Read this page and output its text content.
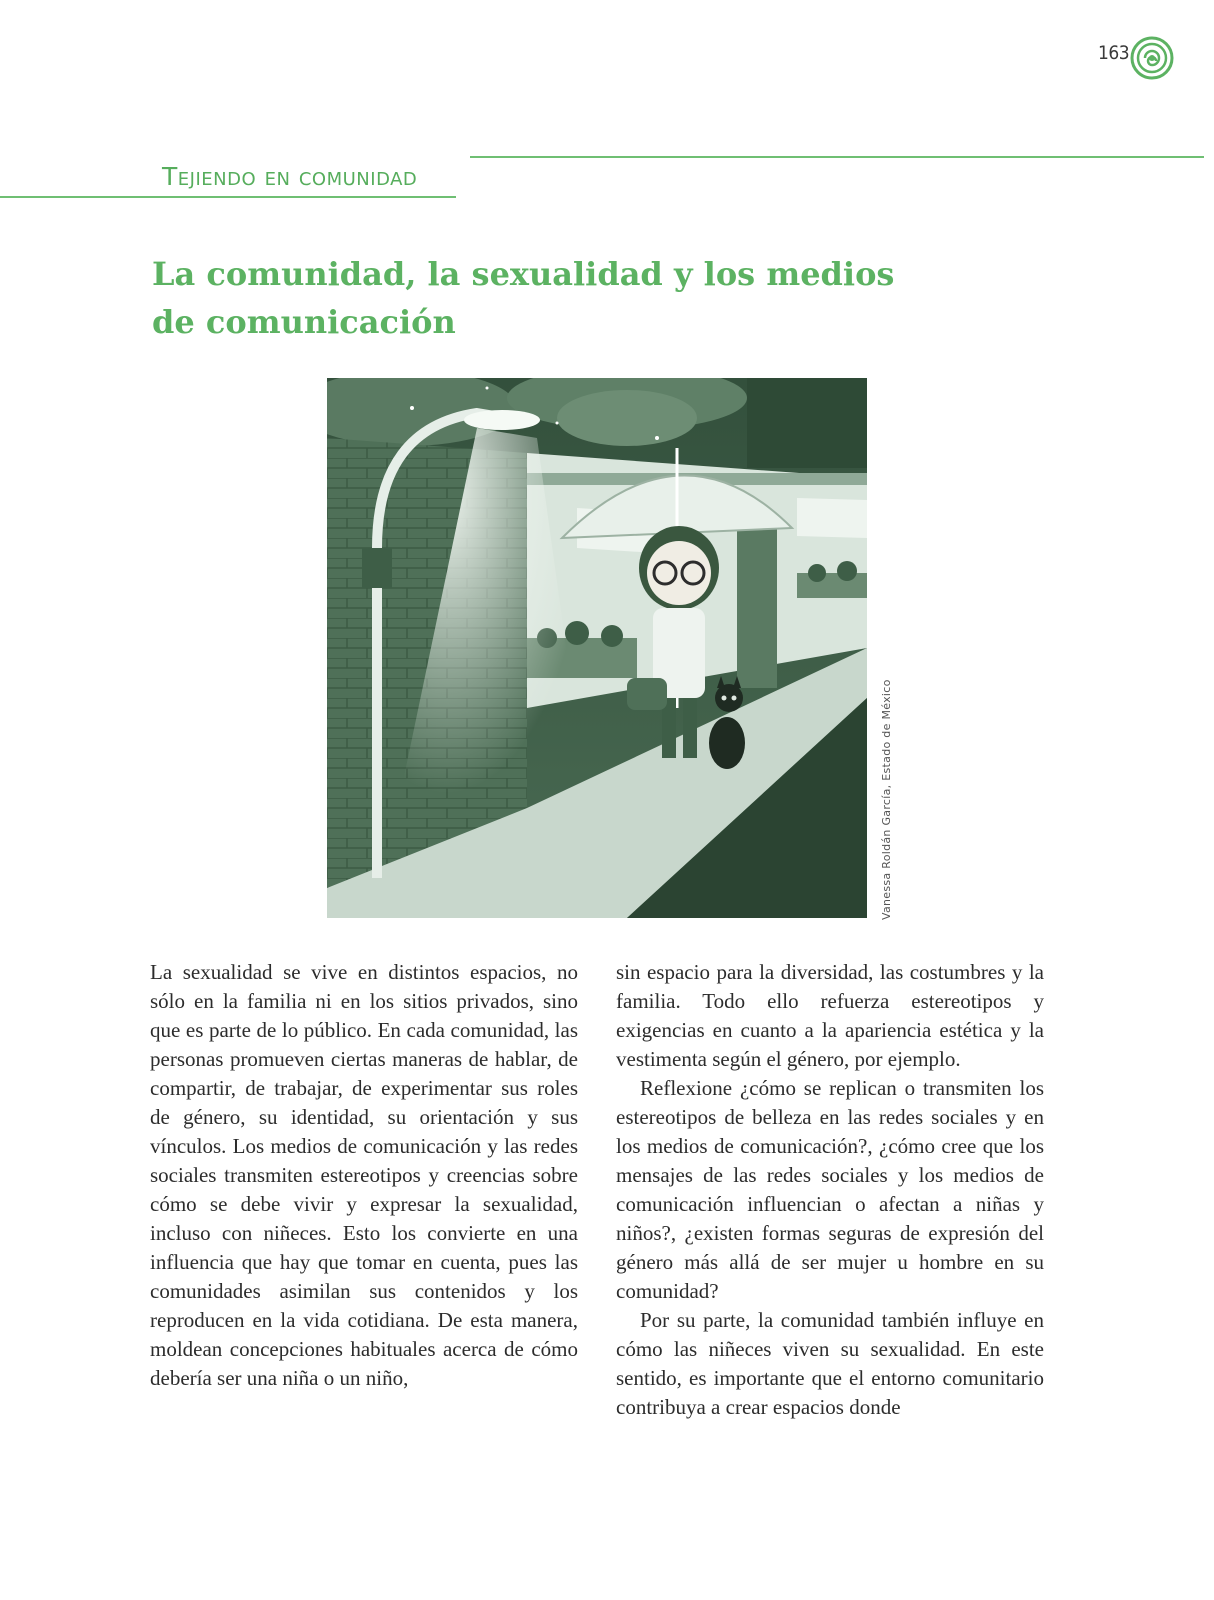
163
Tejiendo en comunidad
La comunidad, la sexualidad y los medios
de comunicación
Vanessa Roldán García, Estado de México

La sexualidad se vive en distintos espacios, no sólo en la familia ni en los sitios privados, sino que es parte de lo público. En cada comunidad, las personas promueven ciertas maneras de hablar, de compartir, de trabajar, de experimentar sus roles de género, su identidad, su orientación y sus vínculos. Los medios de comunicación y las redes sociales transmiten estereotipos y creencias sobre cómo se debe vivir y expresar la sexualidad, incluso con niñeces. Esto los convierte en una influencia que hay que tomar en cuenta, pues las comunidades asimilan sus contenidos y los reproducen en la vida cotidiana. De esta manera, moldean concepciones habituales acerca de cómo debería ser una niña o un niño,

sin espacio para la diversidad, las costumbres y la familia. Todo ello refuerza estereotipos y exigencias en cuanto a la apariencia estética y la vestimenta según el género, por ejemplo.

Reflexione ¿cómo se replican o transmiten los estereotipos de belleza en las redes sociales y en los medios de comunicación?, ¿cómo cree que los mensajes de las redes sociales y los medios de comunicación influencian o afectan a niñas y niños?, ¿existen formas seguras de expresión del género más allá de ser mujer u hombre en su comunidad?

Por su parte, la comunidad también influye en cómo las niñeces viven su sexualidad. En este sentido, es importante que el entorno comunitario contribuya a crear espacios donde
